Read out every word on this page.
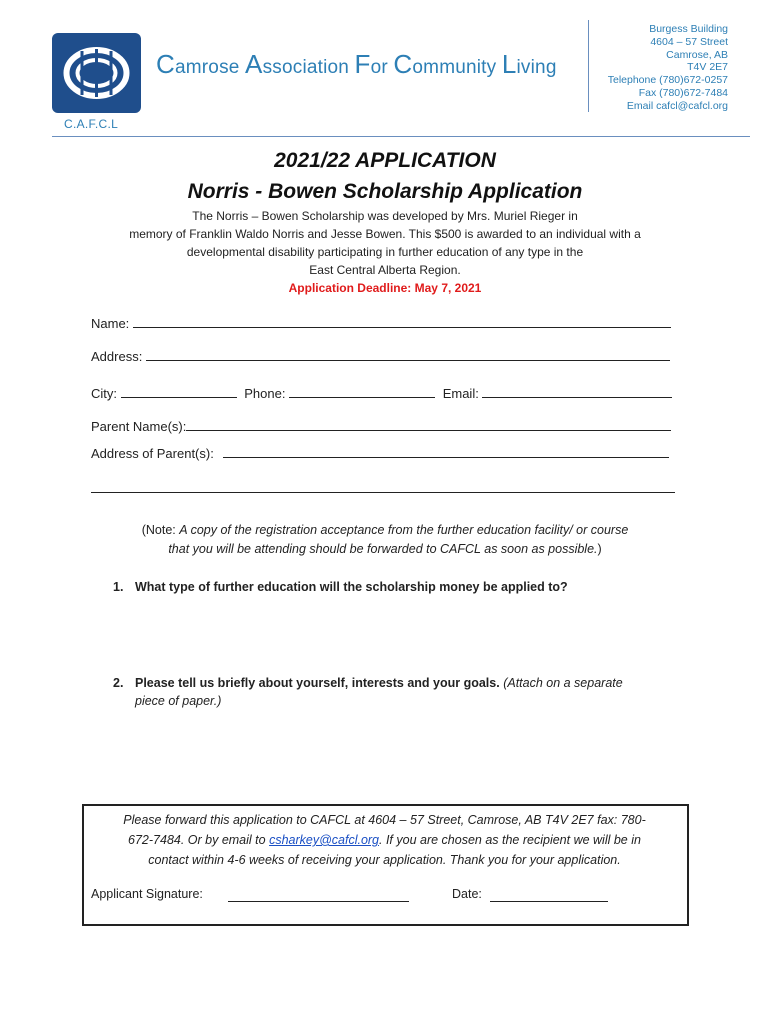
Camrose Association For Community Living
Burgess Building
4604 – 57 Street
Camrose, AB
T4V 2E7
Telephone (780)672-0257
Fax (780)672-7484
Email cafcl@cafcl.org
C.A.F.C.L
2021/22 APPLICATION
Norris - Bowen Scholarship Application
The Norris – Bowen Scholarship was developed by Mrs. Muriel Rieger in
memory of Franklin Waldo Norris and Jesse Bowen. This $500 is awarded to an individual with a
developmental disability participating in further education of any type in the
East Central Alberta Region.
Application Deadline: May 7, 2021
Name:
Address:
City:	Phone:	Email:
Parent Name(s):
Address of Parent(s):
(Note: A copy of the registration acceptance from the further education facility/ or course
that you will be attending should be forwarded to CAFCL as soon as possible.)
1. What type of further education will the scholarship money be applied to?
2. Please tell us briefly about yourself, interests and your goals. (Attach on a separate
piece of paper.)
Please forward this application to CAFCL at 4604 – 57 Street, Camrose, AB T4V 2E7 fax: 780-
672-7484. Or by email to csharkey@cafcl.org. If you are chosen as the recipient we will be in
contact within 4-6 weeks of receiving your application. Thank you for your application.
Applicant Signature:	Date:
